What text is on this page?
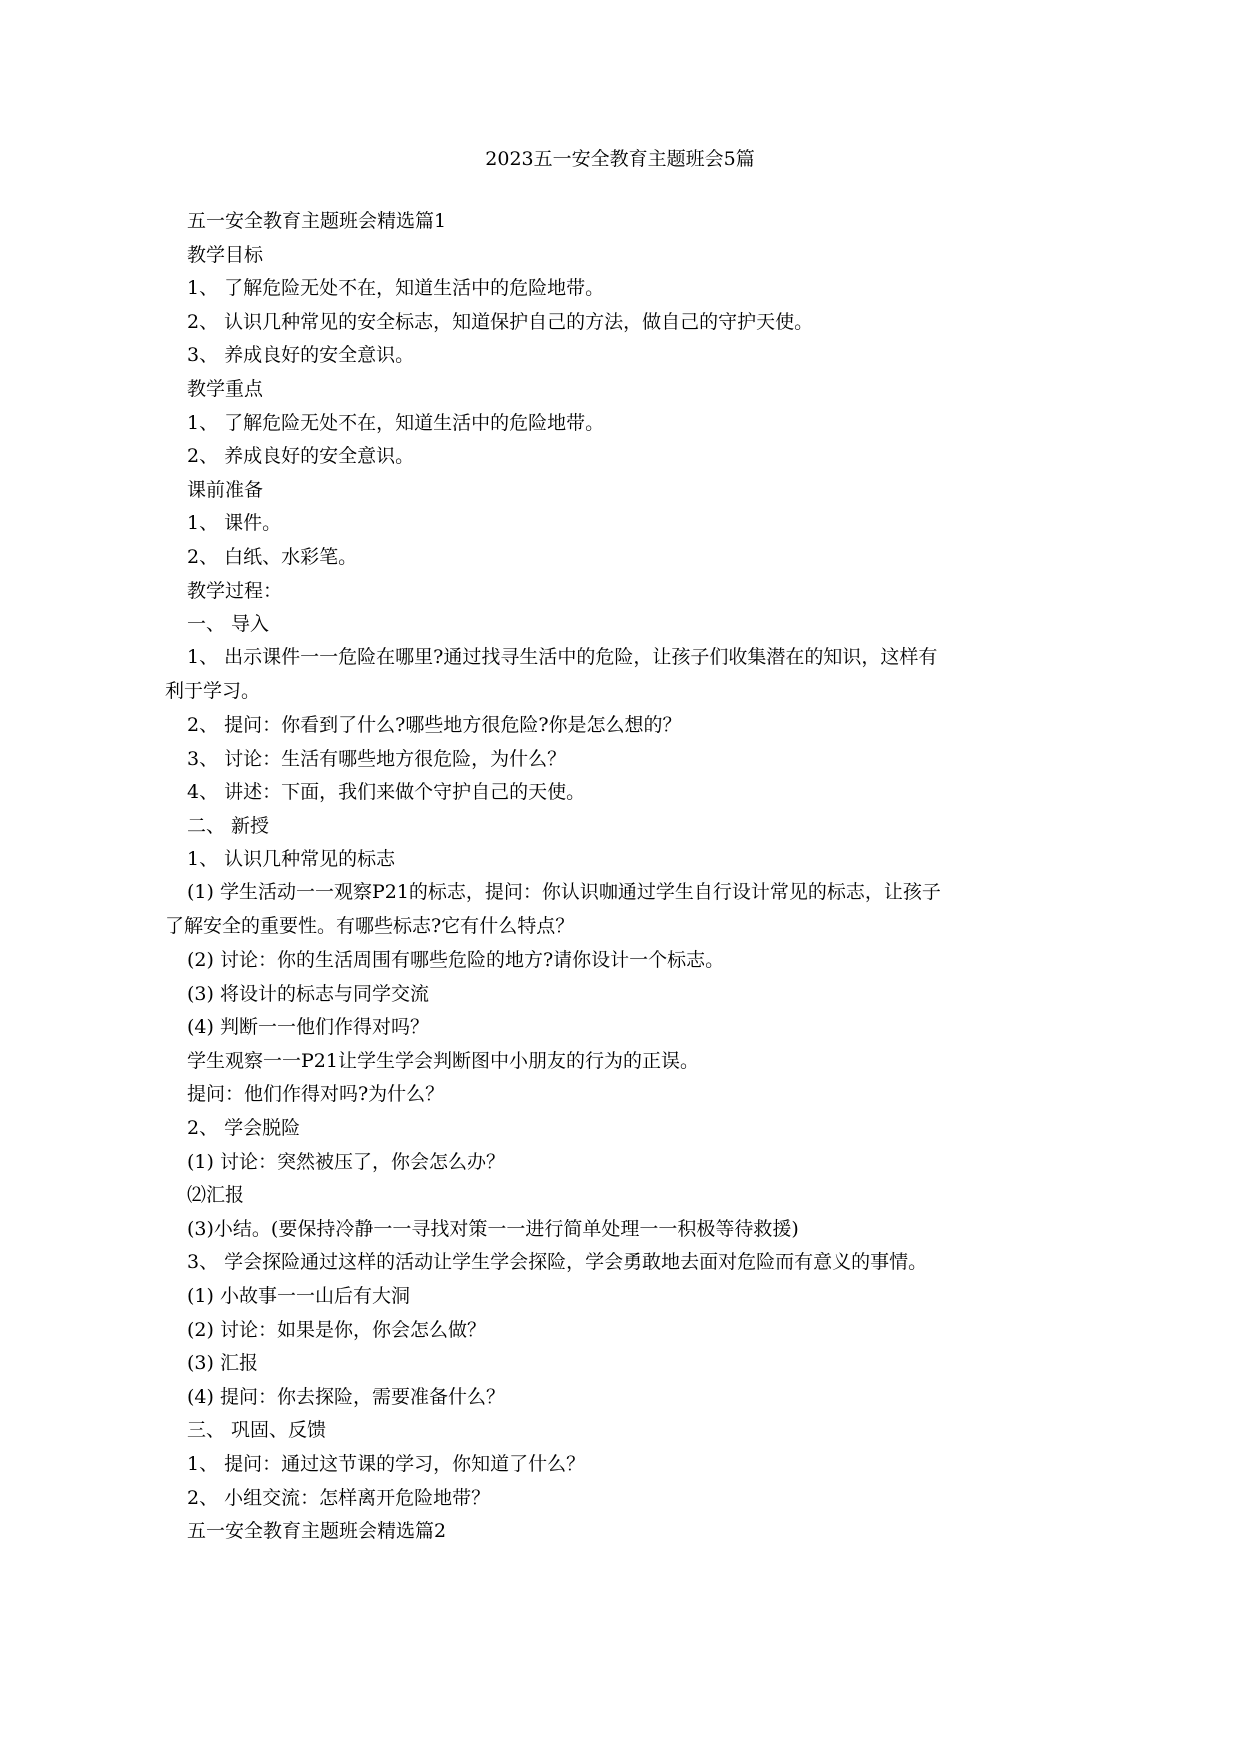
2023五一安全教育主题班会5篇
五一安全教育主题班会精选篇1
教学目标
1、 了解危险无处不在，知道生活中的危险地带。
2、 认识几种常见的安全标志，知道保护自己的方法，做自己的守护天使。
3、 养成良好的安全意识。
教学重点
1、 了解危险无处不在，知道生活中的危险地带。
2、 养成良好的安全意识。
课前准备
1、 课件。
2、 白纸、水彩笔。
教学过程：
一、 导入
1、 出示课件一一危险在哪里?通过找寻生活中的危险，让孩子们收集潜在的知识，这样有
利于学习。
2、 提问：你看到了什么?哪些地方很危险?你是怎么想的？
3、 讨论：生活有哪些地方很危险，为什么？
4、 讲述：下面，我们来做个守护自己的天使。
二、 新授
1、 认识几种常见的标志
(1) 学生活动一一观察P21的标志，提问：你认识咖通过学生自行设计常见的标志，让孩子
了解安全的重要性。有哪些标志?它有什么特点？
(2) 讨论：你的生活周围有哪些危险的地方?请你设计一个标志。
(3) 将设计的标志与同学交流
(4) 判断一一他们作得对吗？
学生观察一一P21让学生学会判断图中小朋友的行为的正误。
提问：他们作得对吗?为什么？
2、 学会脱险
(1) 讨论：突然被压了，你会怎么办？
⑵汇报
(3)小结。(要保持冷静一一寻找对策一一进行简单处理一一积极等待救援)
3、 学会探险通过这样的活动让学生学会探险，学会勇敢地去面对危险而有意义的事情。
(1) 小故事一一山后有大洞
(2) 讨论：如果是你，你会怎么做？
(3) 汇报
(4) 提问：你去探险，需要准备什么？
三、 巩固、反馈
1、 提问：通过这节课的学习，你知道了什么？
2、 小组交流：怎样离开危险地带？
五一安全教育主题班会精选篇2
